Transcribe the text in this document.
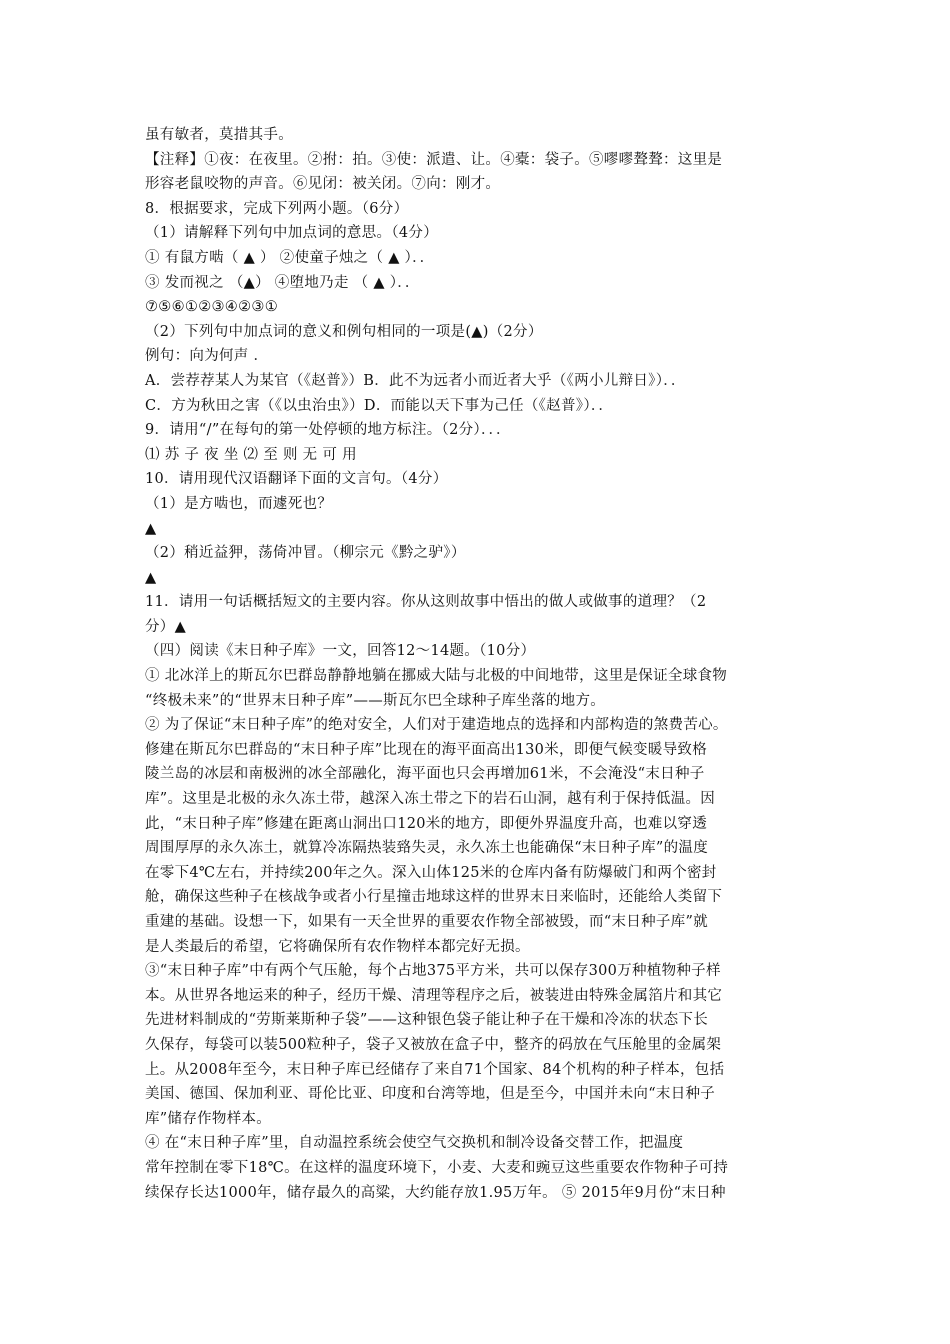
虽有敏者，莫措其手。
【注释】①夜：在夜里。②拊：拍。③使：派遣、让。④橐：袋子。⑤嘐嘐聱聱：这里是
形容老鼠咬物的声音。⑥见闭：被关闭。⑦向：刚才。
8．根据要求，完成下列两小题。（6分）
（1）请解释下列句中加点词的意思。（4分）
① 有鼠方啮（ ▲ ） ②使童子烛之（ ▲ ）．．
③ 发而视之 （▲） ④堕地乃走 （ ▲ ）．．
⑦⑤⑥①②③④②③①
（2）下列句中加点词的意义和例句相同的一项是(▲)（2分）
例句：向为何声 ．
A．尝荐荐某人为某官（《赵普》）B．此不为远者小而近者大乎（《两小儿辩日》）．．
C．方为秋田之害（《以虫治虫》）D．而能以天下事为己任（《赵普》）．．
9．请用“/”在每句的第一处停顿的地方标注。（2分）．．．
⑴ 苏 子 夜 坐 ⑵ 至 则 无 可 用
10．请用现代汉语翻译下面的文言句。（4分）
（1）是方啮也，而遽死也？
▲
（2）稍近益狎，荡倚冲冒。（柳宗元《黔之驴》）
▲
11．请用一句话概括短文的主要内容。你从这则故事中悟出的做人或做事的道理？（2
分）▲
（四）阅读《末日种子库》一文，回答12～14题。（10分）
① 北冰洋上的斯瓦尔巴群岛静静地躺在挪威大陆与北极的中间地带，这里是保证全球食物
“终极未来”的“世界末日种子库”——斯瓦尔巴全球种子库坐落的地方。
② 为了保证“末日种子库”的绝对安全，人们对于建造地点的选择和内部构造的煞费苦心。
修建在斯瓦尔巴群岛的“末日种子库”比现在的海平面高出130米，即便气候变暖导致格
陵兰岛的冰层和南极洲的冰全部融化，海平面也只会再增加61米，不会淹没“末日种子
库”。这里是北极的永久冻土带，越深入冻土带之下的岩石山洞，越有利于保持低温。因
此，“末日种子库”修建在距离山洞出口120米的地方，即便外界温度升高，也难以穿透
周围厚厚的永久冻土，就算冷冻隔热装臵失灵，永久冻土也能确保“末日种子库”的温度
在零下4℃左右，并持续200年之久。深入山体125米的仓库内备有防爆破门和两个密封
舱，确保这些种子在核战争或者小行星撞击地球这样的世界末日来临时，还能给人类留下
重建的基础。设想一下，如果有一天全世界的重要农作物全部被毁，而“末日种子库”就
是人类最后的希望，它将确保所有农作物样本都完好无损。
③“末日种子库”中有两个气压舱，每个占地375平方米，共可以保存300万种植物种子样
本。从世界各地运来的种子，经历干燥、清理等程序之后，被装进由特殊金属箔片和其它
先进材料制成的“劳斯莱斯种子袋”——这种银色袋子能让种子在干燥和冷冻的状态下长
久保存，每袋可以装500粒种子，袋子又被放在盒子中，整齐的码放在气压舱里的金属架
上。从2008年至今，末日种子库已经储存了来自71个国家、84个机构的种子样本，包括
美国、德国、保加利亚、哥伦比亚、印度和台湾等地，但是至今，中国并未向“末日种子
库”储存作物样本。
④ 在“末日种子库”里，自动温控系统会使空气交换机和制冷设备交替工作，把温度
常年控制在零下18℃。在这样的温度环境下，小麦、大麦和豌豆这些重要农作物种子可持
续保存长达1000年，储存最久的高粱，大约能存放1.95万年。 ⑤ 2015年9月份“末日种
